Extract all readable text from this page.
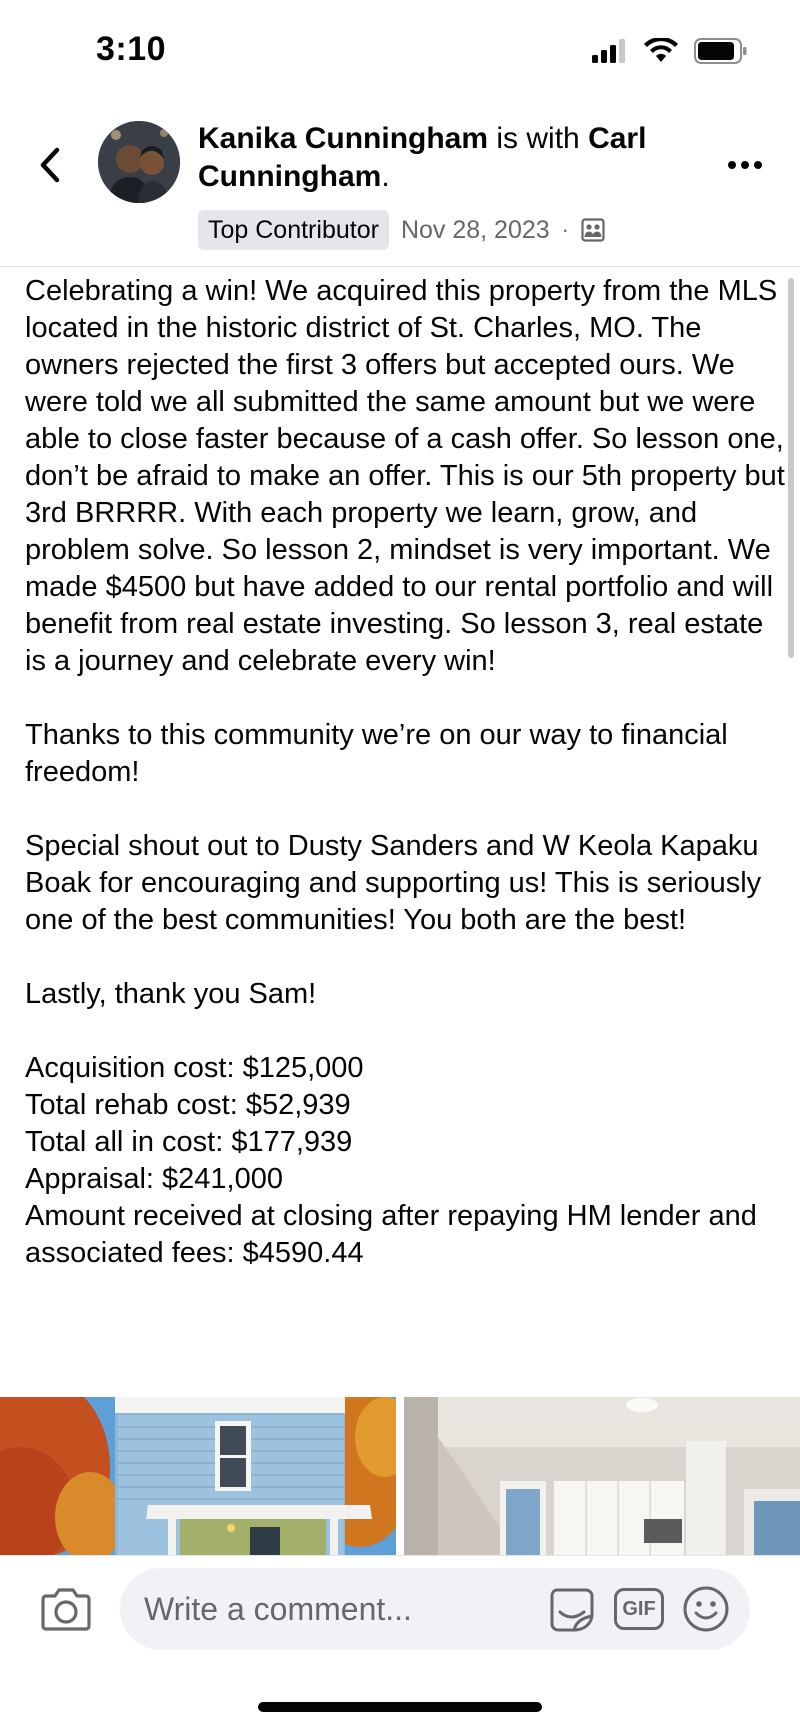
3:10
Kanika Cunningham is with Carl Cunningham.
Top Contributor Nov 28, 2023 ·

Celebrating a win! We acquired this property from the MLS located in the historic district of St. Charles, MO. The owners rejected the first 3 offers but accepted ours. We were told we all submitted the same amount but we were able to close faster because of a cash offer. So lesson one, don’t be afraid to make an offer. This is our 5th property but 3rd BRRRR. With each property we learn, grow, and problem solve. So lesson 2, mindset is very important. We made $4500 but have added to our rental portfolio and will benefit from real estate investing. So lesson 3, real estate is a journey and celebrate every win!

Thanks to this community we’re on our way to financial freedom!

Special shout out to Dusty Sanders and W Keola Kapaku Boak for encouraging and supporting us! This is seriously one of the best communities! You both are the best!

Lastly, thank you Sam!

Acquisition cost: $125,000

Total rehab cost: $52,939

Total all in cost: $177,939

Appraisal: $241,000

Amount received at closing after repaying HM lender and associated fees: $4590.44

Write a comment...	GIF
